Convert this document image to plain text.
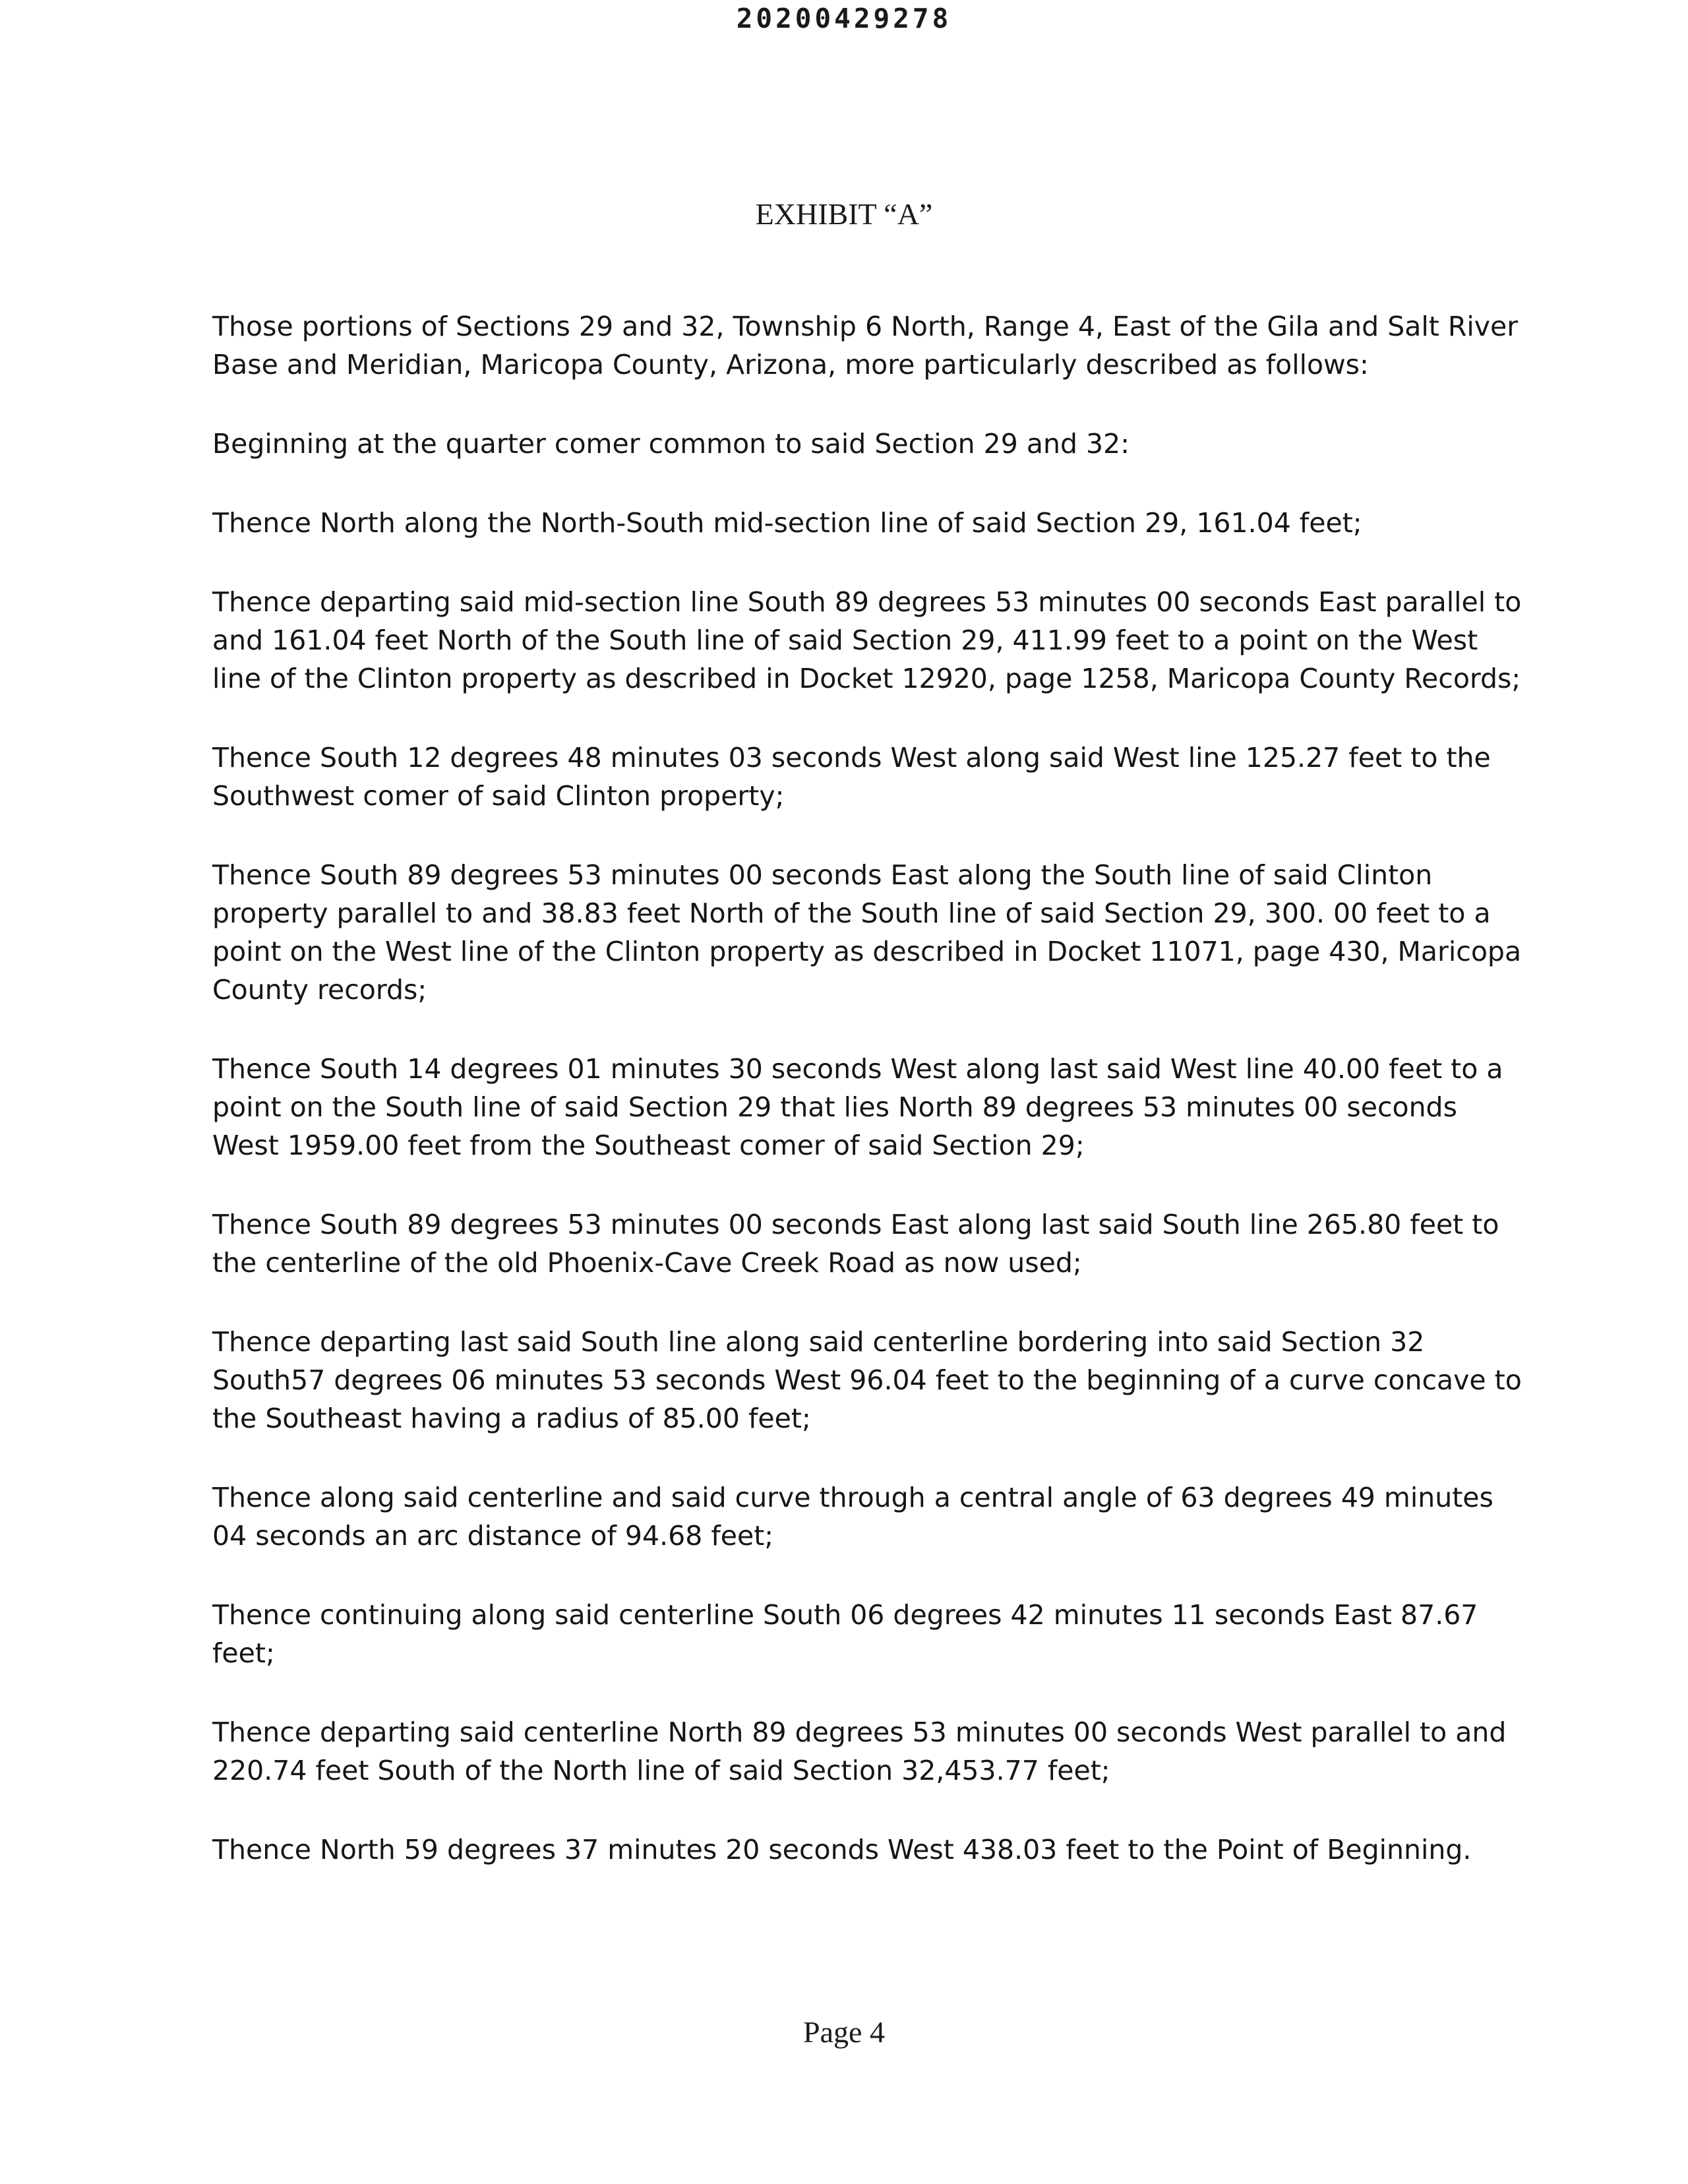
20200429278
EXHIBIT “A”

Those portions of Sections 29 and 32, Township 6 North, Range 4, East of the Gila and Salt River Base and Meridian, Maricopa County, Arizona, more particularly described as follows:

Beginning at the quarter comer common to said Section 29 and 32:

Thence North along the North-South mid-section line of said Section 29, 161.04 feet;

Thence departing said mid-section line South 89 degrees 53 minutes 00 seconds East parallel to and 161.04 feet North of the South line of said Section 29, 411.99 feet to a point on the West line of the Clinton property as described in Docket 12920, page 1258, Maricopa County Records;

Thence South 12 degrees 48 minutes 03 seconds West along said West line 125.27 feet to the Southwest comer of said Clinton property;

Thence South 89 degrees 53 minutes 00 seconds East along the South line of said Clinton property parallel to and 38.83 feet North of the South line of said Section 29, 300. 00 feet to a point on the West line of the Clinton property as described in Docket 11071, page 430, Maricopa County records;

Thence South 14 degrees 01 minutes 30 seconds West along last said West line 40.00 feet to a point on the South line of said Section 29 that lies North 89 degrees 53 minutes 00 seconds West 1959.00 feet from the Southeast comer of said Section 29;

Thence South 89 degrees 53 minutes 00 seconds East along last said South line 265.80 feet to the centerline of the old Phoenix-Cave Creek Road as now used;

Thence departing last said South line along said centerline bordering into said Section 32 South57 degrees 06 minutes 53 seconds West 96.04 feet to the beginning of a curve concave to the Southeast having a radius of 85.00 feet;

Thence along said centerline and said curve through a central angle of 63 degrees 49 minutes 04 seconds an arc distance of 94.68 feet;

Thence continuing along said centerline South 06 degrees 42 minutes 11 seconds East 87.67 feet;

Thence departing said centerline North 89 degrees 53 minutes 00 seconds West parallel to and 220.74 feet South of the North line of said Section 32,453.77 feet;

Thence North 59 degrees 37 minutes 20 seconds West 438.03 feet to the Point of Beginning.

Page 4
